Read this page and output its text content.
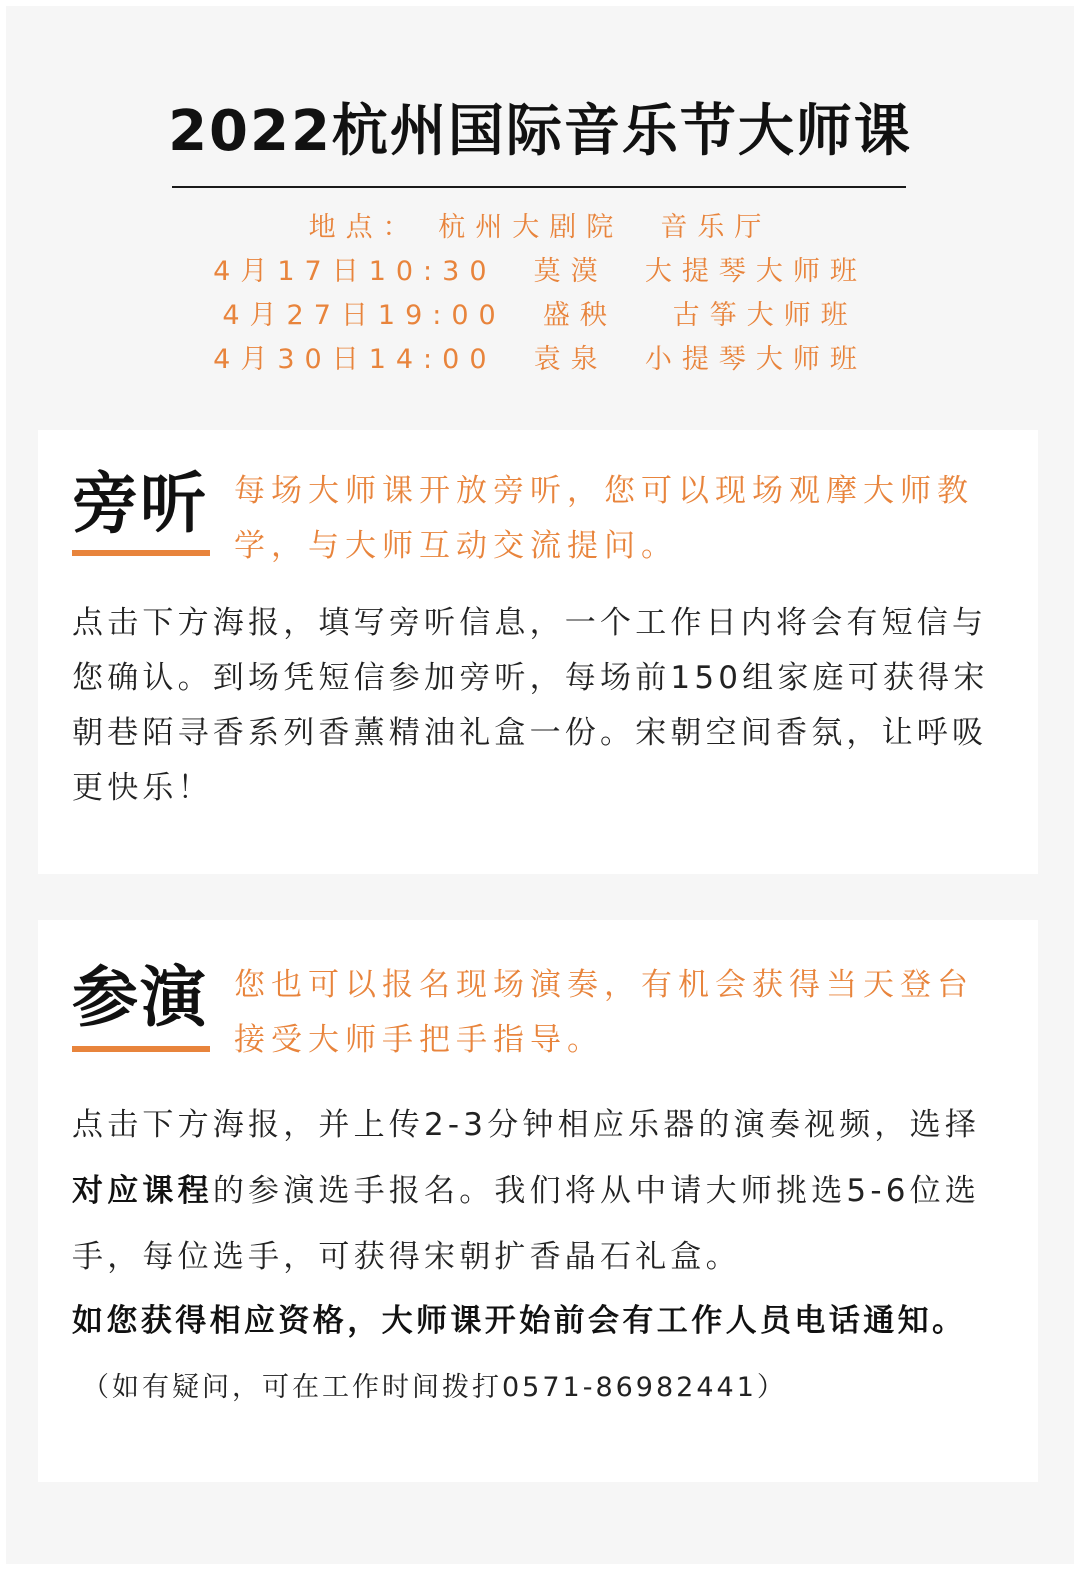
2022杭州国际音乐节大师课
地点： 杭州大剧院  音乐厅
4月17日10:30  莫漠  大提琴大师班
4月27日19:00  盛秧   古筝大师班
4月30日14:00  袁泉  小提琴大师班
旁听 每场大师课开放旁听，您可以现场观摩大师教学，与大师互动交流提问。
点击下方海报，填写旁听信息，一个工作日内将会有短信与您确认。到场凭短信参加旁听，每场前150组家庭可获得宋朝巷陌寻香系列香薰精油礼盒一份。宋朝空间香氛，让呼吸更快乐！
参演 您也可以报名现场演奏，有机会获得当天登台接受大师手把手指导。
点击下方海报，并上传2-3分钟相应乐器的演奏视频，选择对应课程的参演选手报名。我们将从中请大师挑选5-6位选手，每位选手，可获得宋朝扩香晶石礼盒。
如您获得相应资格，大师课开始前会有工作人员电话通知。
（如有疑问，可在工作时间拨打0571-86982441）
